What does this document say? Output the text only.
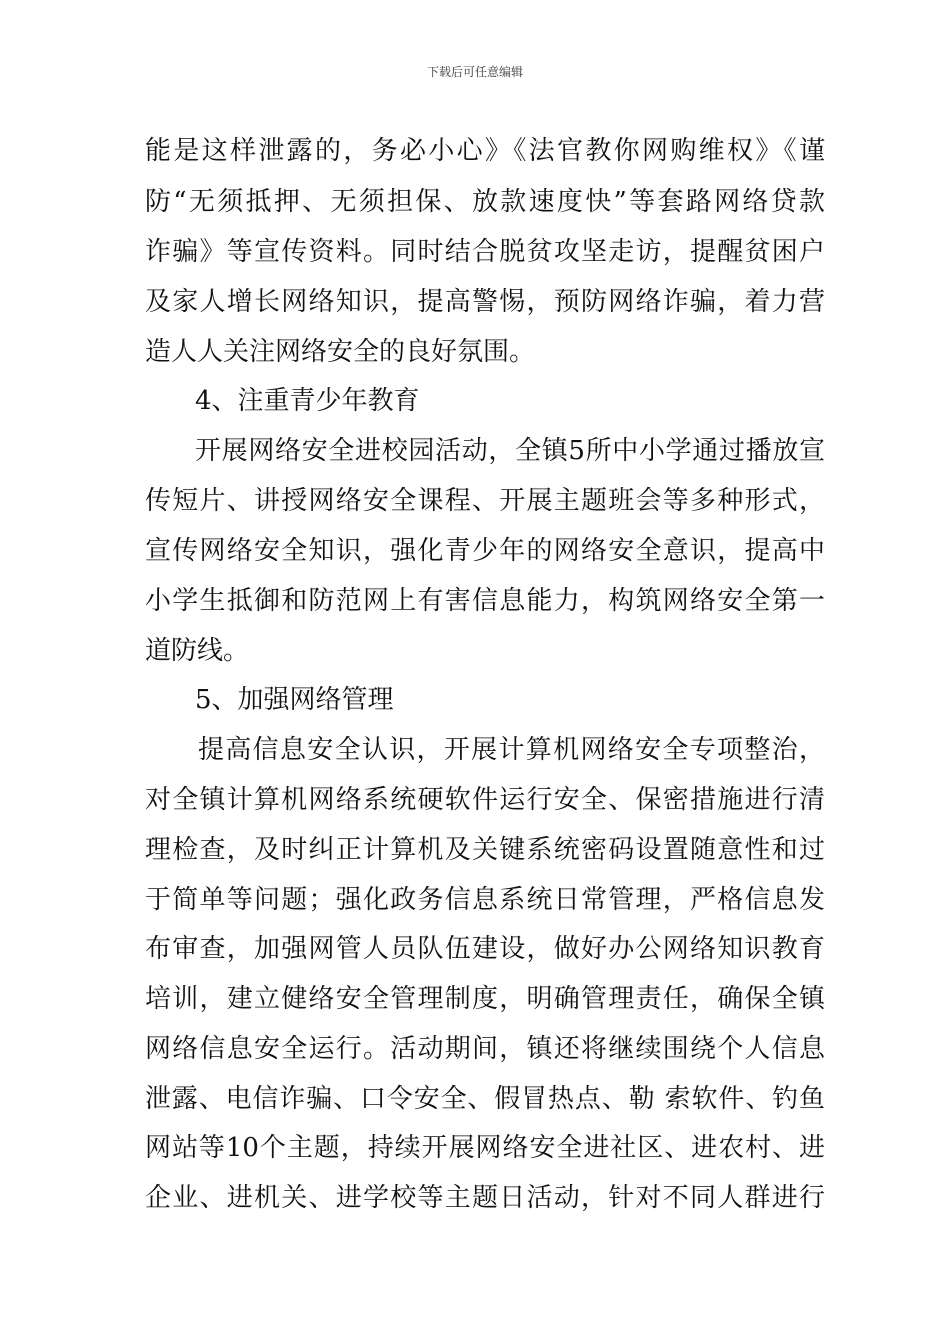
下载后可任意编辑
能是这样泄露的，务必小心》《法官教你网购维权》《谨
防“无须抵押、无须担保、放款速度快”等套路网络贷款
诈骗》等宣传资料。同时结合脱贫攻坚走访，提醒贫困户
及家人增长网络知识，提高警惕，预防网络诈骗，着力营
造人人关注网络安全的良好氛围。
4、注重青少年教育
开展网络安全进校园活动，全镇5所中小学通过播放宣
传短片、讲授网络安全课程、开展主题班会等多种形式，
宣传网络安全知识，强化青少年的网络安全意识，提高中
小学生抵御和防范网上有害信息能力，构筑网络安全第一
道防线。
5、加强网络管理
提高信息安全认识，开展计算机网络安全专项整治，
对全镇计算机网络系统硬软件运行安全、保密措施进行清
理检查，及时纠正计算机及关键系统密码设置随意性和过
于简单等问题；强化政务信息系统日常管理，严格信息发
布审查，加强网管人员队伍建设，做好办公网络知识教育
培训，建立健络安全管理制度，明确管理责任，确保全镇
网络信息安全运行。活动期间，镇还将继续围绕个人信息
泄露、电信诈骗、口令安全、假冒热点、勒 索软件、钓鱼
网站等10个主题，持续开展网络安全进社区、进农村、进
企业、进机关、进学校等主题日活动，针对不同人群进行
